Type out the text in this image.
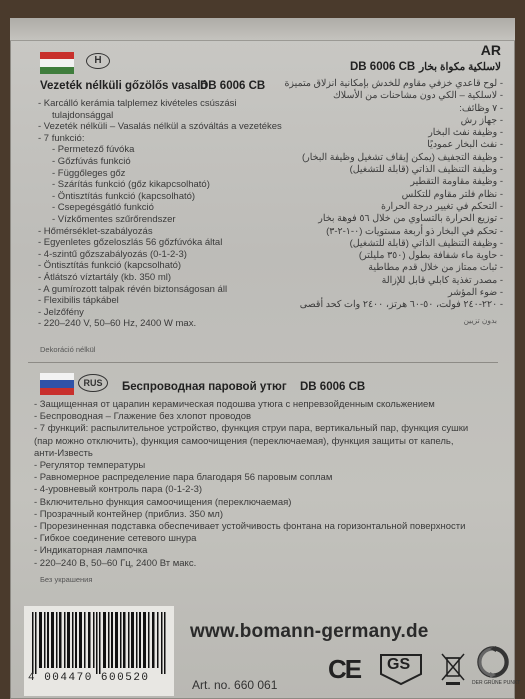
H
Vezeték nélküli gőzölős vasaló
DB 6006 CB
- Karcálló kerámia talplemez kivételes csúszási
tulajdonsággal
- Vezeték nélküli – Vasalás nélkül a szóváltás a vezetékes
- 7 funkció:
- Permetező fúvóka
- Gőzfúvás funkció
- Függőleges gőz
- Szárítás funkció (gőz kikapcsolható)
- Öntisztítás funkció (kapcsolható)
- Csepegésgátló funkció
- Vízkőmentes szűrőrendszer
- Hőmérséklet-szabályozás
- Egyenletes gőzeloszlás 56 gőzfúvóka által
- 4-szintű gőzszabályozás (0-1-2-3)
- Öntisztítás funkció (kapcsolható)
- Átlátszó víztartály (kb. 350 ml)
- A gumírozott talpak révén biztonságosan áll
- Flexibilis tápkábel
- Jelzőfény
- 220–240 V, 50–60 Hz, 2400 W max.
Dekoráció nélkül
AR
لاسلكية مكواة بخار
DB 6006 CB
- لوح قاعدي خزفي مقاوم للخدش بإمكانية انزلاق متميزة
- لاسلكية – الكي دون مشاحنات من الأسلاك
- ٧ وظائف:
- جهاز رش
- وظيفة نفث البخار
- نفث البخار عموديًا
- وظيفة التجفيف (يمكن إيقاف تشغيل وظيفة البخار)
- وظيفة التنظيف الذاتي (قابلة للتشغيل)
- وظيفة مقاومة التقطير
- نظام فلتر مقاوم للتكلس
- التحكم في تغيير درجة الحرارة
- توزيع الحرارة بالتساوي من خلال ٥٦ فوهة بخار
- تحكم في البخار ذو أربعة مستويات (٠-١-٢-٣)
- وظيفة التنظيف الذاتي (قابلة للتشغيل)
- حاوية ماء شفافة بطول (٣٥٠ مليلتر)
- ثبات ممتاز من خلال قدم مطاطية
- مصدر تغذية كابلي قابل للإزالة
- ضوء المؤشر
- ٢٢٠-٢٤٠ فولت، ٥٠-٦٠ هرتز، ٢٤٠٠ وات كحد أقصى
بدون تزيين
RUS	Беспроводная паровой утюг DB 6006 CB
- Защищенная от царапин керамическая подошва утюга с непревзойденным скольжением
- Беспроводная – Глажение без хлопот проводов
- 7 функций: распылительное устройство, функция струи пара, вертикальный пар, функция сушки
(пар можно отключить), функция самоочищения (переключаемая), функция защиты от капель,
анти-Известь
- Регулятор температуры
- Равномерное распределение пара благодаря 56 паровым соплам
- 4-уровневый контроль пара (0-1-2-3)
- Включительно функция самоочищения (переключаемая)
- Прозрачный контейнер (приблиз. 350 мл)
- Прорезиненная подставка обеспечивает устойчивость фонтана на горизонтальной поверхности
- Гибкое соединение сетевого шнура
- Индикаторная лампочка
- 220–240 В, 50–60 Гц, 2400 Вт макс.
Без украшения
4 004470 600520
www.bomann-germany.de
Art. no. 660 061
CE	GS
DER GRÜNE PUNKT
